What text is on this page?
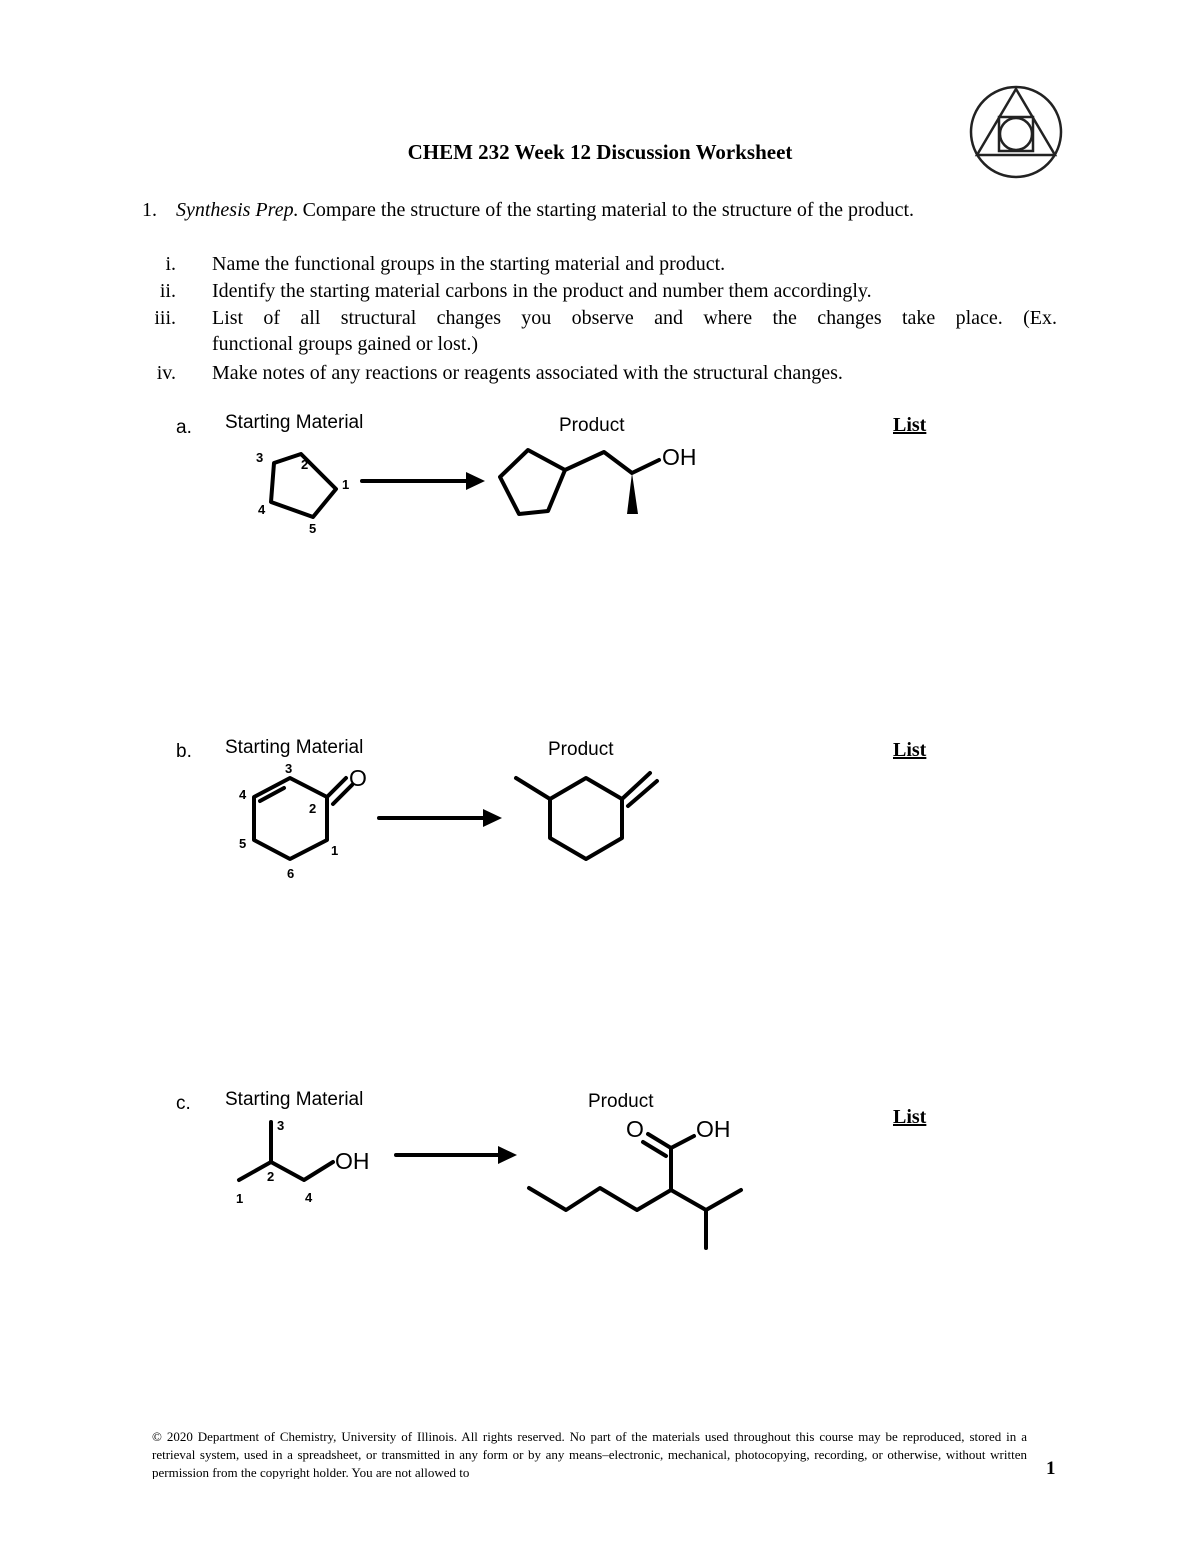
CHEM 232 Week 12 Discussion Worksheet
1. Synthesis Prep. Compare the structure of the starting material to the structure of the product.
i. Name the functional groups in the starting material and product.
ii. Identify the starting material carbons in the product and number them accordingly.
iii. List of all structural changes you observe and where the changes take place. (Ex.
functional groups gained or lost.)
iv. Make notes of any reactions or reagents associated with the structural changes.
a. Starting Material	Product	List
3	2
1
4
5
OH
b. Starting Material	Product	List
3
4
2
5	1
6
O
c. Starting Material	Product
List
3
2
1	4
OH
O OH
© 2020 Department of Chemistry, University of Illinois. All rights reserved. No part of the materials used throughout this course may be reproduced, stored in a retrieval system, used in a spreadsheet, or transmitted in any form or by any means–electronic, mechanical, photocopying, recording, or otherwise, without written permission from the copyright holder. You are not allowed to	1
